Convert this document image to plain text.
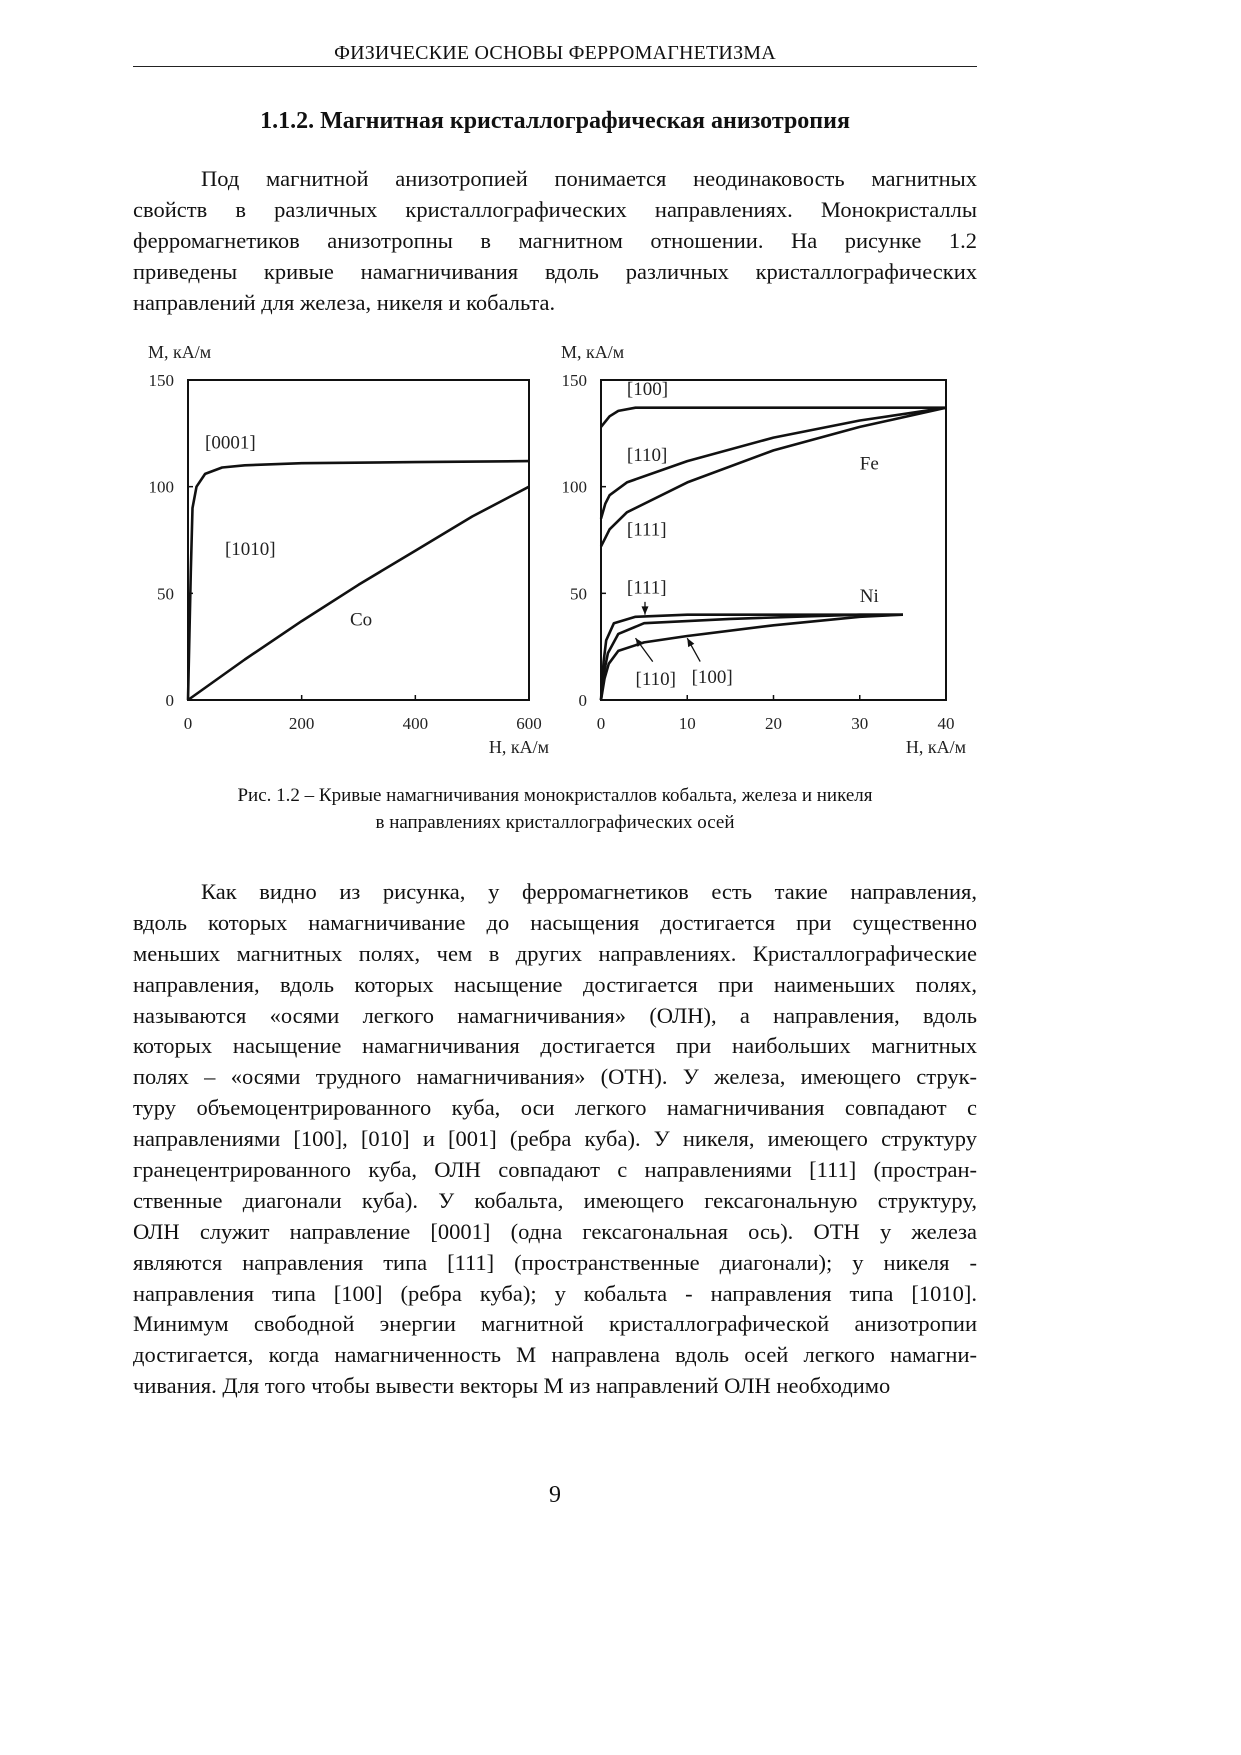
ФИЗИЧЕСКИЕ ОСНОВЫ ФЕРРОМАГНЕТИЗМА
1.1.2. Магнитная кристаллографическая анизотропия
Под магнитной анизотропией понимается неодинаковость магнитных
свойств в различных кристаллографических направлениях. Монокристаллы
ферромагнетиков анизотропны в магнитном отношении. На рисунке 1.2
приведены кривые намагничивания вдоль различных кристаллографических
направлений для железа, никеля и кобальта.
0
50
100
150
0	200	400	600
M, кА/м
H, кА/м
[0001]
[1010]
Co
0
50
100
150
0	10	20	30	40
M, кА/м
H, кА/м
[100]
[110]
[111]
Fe
[111]	Ni
[110] [100]
Рис. 1.2 – Кривые намагничивания монокристаллов кобальта, железа и никеля
в направлениях кристаллографических осей
Как видно из рисунка, у ферромагнетиков есть такие направления,
вдоль которых намагничивание до насыщения достигается при существенно
меньших магнитных полях, чем в других направлениях. Кристаллографические
направления, вдоль которых насыщение достигается при наименьших полях,
называются «осями легкого намагничивания» (ОЛН), а направления, вдоль
которых насыщение намагничивания достигается при наибольших магнитных
полях – «осями трудного намагничивания» (ОТН). У железа, имеющего струк-
туру объемоцентрированного куба, оси легкого намагничивания совпадают с
направлениями [100], [010] и [001] (ребра куба). У никеля, имеющего структуру
гранецентрированного куба, ОЛН совпадают с направлениями [111] (простран-
ственные диагонали куба). У кобальта, имеющего гексагональную структуру,
ОЛН служит направление [0001] (одна гексагональная ось). ОТН у железа
являются направления типа [111] (пространственные диагонали); у никеля -
направления типа [100] (ребра куба); у кобальта - направления типа [1010].
Минимум свободной энергии магнитной кристаллографической анизотропии
достигается, когда намагниченность M направлена вдоль осей легкого намагни-
чивания. Для того чтобы вывести векторы M из направлений ОЛН необходимо
9
